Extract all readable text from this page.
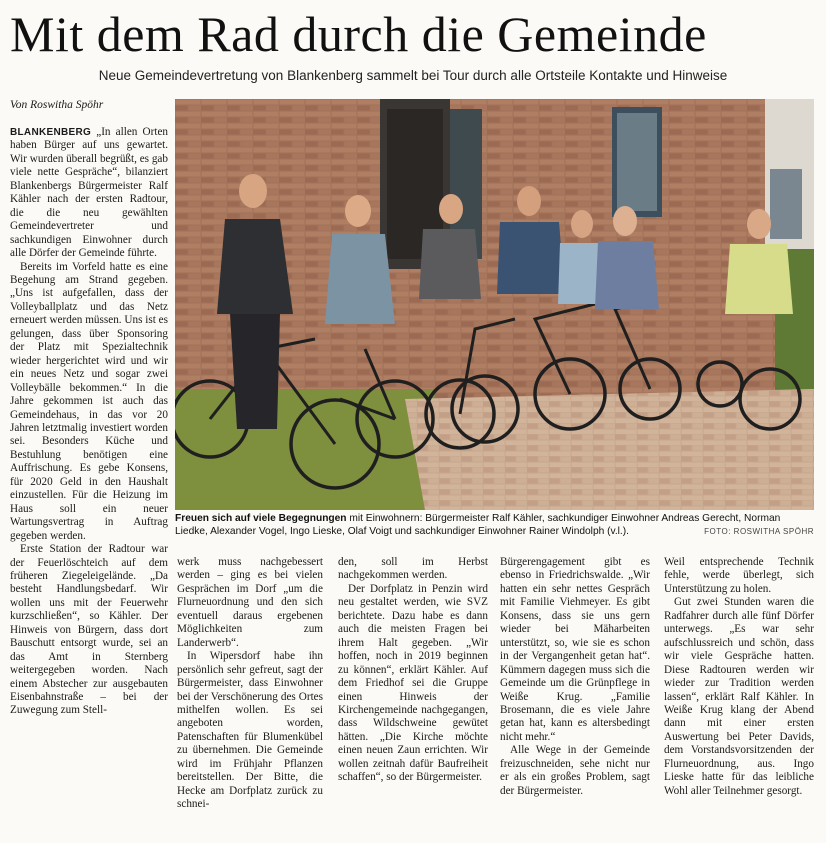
Mit dem Rad durch die Gemeinde
Neue Gemeindevertretung von Blankenberg sammelt bei Tour durch alle Ortsteile Kontakte und Hinweise
Von Roswitha Spöhr

BLANKENBERG „In allen Orten haben Bürger auf uns gewartet. Wir wurden überall begrüßt, es gab viele nette Gespräche“, bilanziert Blankenbergs Bürgermeister Ralf Kähler nach der ersten Radtour, die die neu gewählten Gemeindevertreter und sachkundigen Einwohner durch alle Dörfer der Gemeinde führte.

Bereits im Vorfeld hatte es eine Begehung am Strand gegeben. „Uns ist aufgefallen, dass der Volleyballplatz und das Netz erneuert werden müssen. Uns ist es gelungen, dass über Sponsoring der Platz mit Spezialtechnik wieder hergerichtet wird und wir ein neues Netz und sogar zwei Volleybälle bekommen.“ In die Jahre gekommen ist auch das Gemeindehaus, in das vor 20 Jahren letztmalig investiert worden sei. Besonders Küche und Bestuhlung benötigen eine Auffrischung. Es gebe Konsens, für 2020 Geld in den Haushalt einzustellen. Für die Heizung im Haus soll ein neuer Wartungsvertrag in Auftrag gegeben werden.

Erste Station der Radtour war der Feuerlöschteich auf dem früheren Ziegeleigelände. „Da besteht Handlungsbedarf. Wir wollen uns mit der Feuerwehr kurzschließen“, so Kähler. Der Hinweis von Bürgern, dass dort Bauschutt entsorgt wurde, sei an das Amt in Sternberg weitergegeben worden. Nach einem Abstecher zur ausgebauten Eisenbahnstraße – bei der Zuwegung zum Stell-

Freuen sich auf viele Begegnungen mit Einwohnern: Bürgermeister Ralf Kähler, sachkundiger Einwohner Andreas Gerecht, Norman Liedke, Alexander Vogel, Ingo Lieske, Olaf Voigt und sachkundiger Einwohner Rainer Windolph (v.l.).	FOTO: ROSWITHA SPÖHR

werk muss nachgebessert werden – ging es bei vielen Gesprächen im Dorf „um die Flurneuordnung und den sich eventuell daraus ergebenen Möglichkeiten zum Landerwerb“.

In Wipersdorf habe ihn persönlich sehr gefreut, sagt der Bürgermeister, dass Einwohner bei der Verschönerung des Ortes mithelfen wollen. Es sei angeboten worden, Patenschaften für Blumenkübel zu übernehmen. Die Gemeinde wird im Frühjahr Pflanzen bereitstellen. Der Bitte, die Hecke am Dorfplatz zurück zu schnei-

den, soll im Herbst nachgekommen werden.

Der Dorfplatz in Penzin wird neu gestaltet werden, wie SVZ berichtete. Dazu habe es dann auch die meisten Fragen bei ihrem Halt gegeben. „Wir hoffen, noch in 2019 beginnen zu können“, erklärt Kähler. Auf dem Friedhof sei die Gruppe einen Hinweis der Kirchengemeinde nachgegangen, dass Wildschweine gewütet hätten. „Die Kirche möchte einen neuen Zaun errichten. Wir wollen zeitnah dafür Baufreiheit schaffen“, so der Bürgermeister.

Bürgerengagement gibt es ebenso in Friedrichswalde. „Wir hatten ein sehr nettes Gespräch mit Familie Viehmeyer. Es gibt Konsens, dass sie uns gern wieder bei Mäharbeiten unterstützt, so, wie sie es schon in der Vergangenheit getan hat“. Kümmern dagegen muss sich die Gemeinde um die Grünpflege in Weiße Krug. „Familie Brosemann, die es viele Jahre getan hat, kann es altersbedingt nicht mehr.“

Alle Wege in der Gemeinde freizuschneiden, sehe nicht nur er als ein großes Problem, sagt der Bürgermeister.

Weil entsprechende Technik fehle, werde überlegt, sich Unterstützung zu holen.

Gut zwei Stunden waren die Radfahrer durch alle fünf Dörfer unterwegs. „Es war sehr aufschlussreich und schön, dass wir viele Gespräche hatten. Diese Radtouren werden wir wieder zur Tradition werden lassen“, erklärt Ralf Kähler. In Weiße Krug klang der Abend dann mit einer ersten Auswertung bei Peter Davids, dem Vorstandsvorsitzenden der Flurneuordnung, aus. Ingo Lieske hatte für das leibliche Wohl aller Teilnehmer gesorgt.
